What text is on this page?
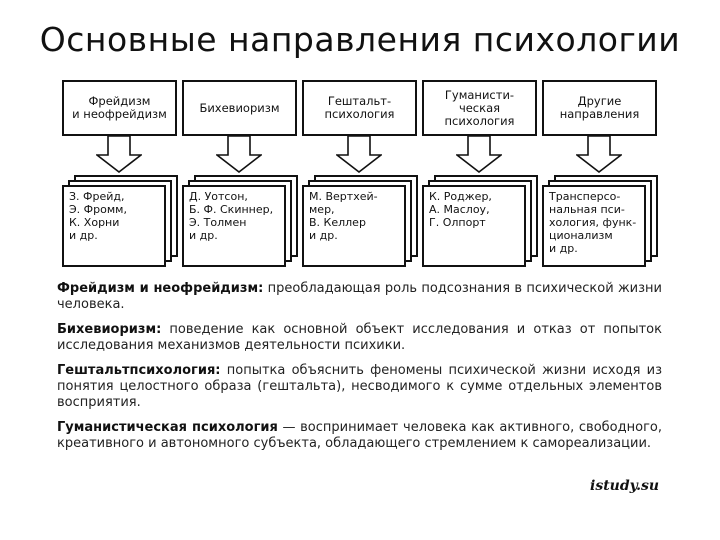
Основные направления психологии
Фрейдизм
и неофрейдизм
З. Фрейд,
Э. Фромм,
К. Хорни
и др.
Бихевиоризм
Д. Уотсон,
Б. Ф. Скиннер,
Э. Толмен
и др.
Гештальт-
психология
М. Вертхей-
мер,
В. Келлер
и др.
Гуманисти-
ческая
психология
К. Роджер,
А. Маслоу,
Г. Олпорт
Другие
направления
Трансперсо-
нальная пси-
хология, функ-
ционализм
и др.
Фрейдизм и неофрейдизм: преобладающая роль подсознания в психической жизни человека.
Бихевиоризм: поведение как основной объект исследования и отказ от попыток исследования механизмов деятельности психики.
Гештальтпсихология: попытка объяснить феномены психической жизни исходя из понятия целостного образа (гештальта), несводимого к сумме отдельных элементов восприятия.
Гуманистическая психология — воспринимает человека как активного, свободного, креативного и автономного субъекта, обладающего стремлением к самореализации.
istudy.su
